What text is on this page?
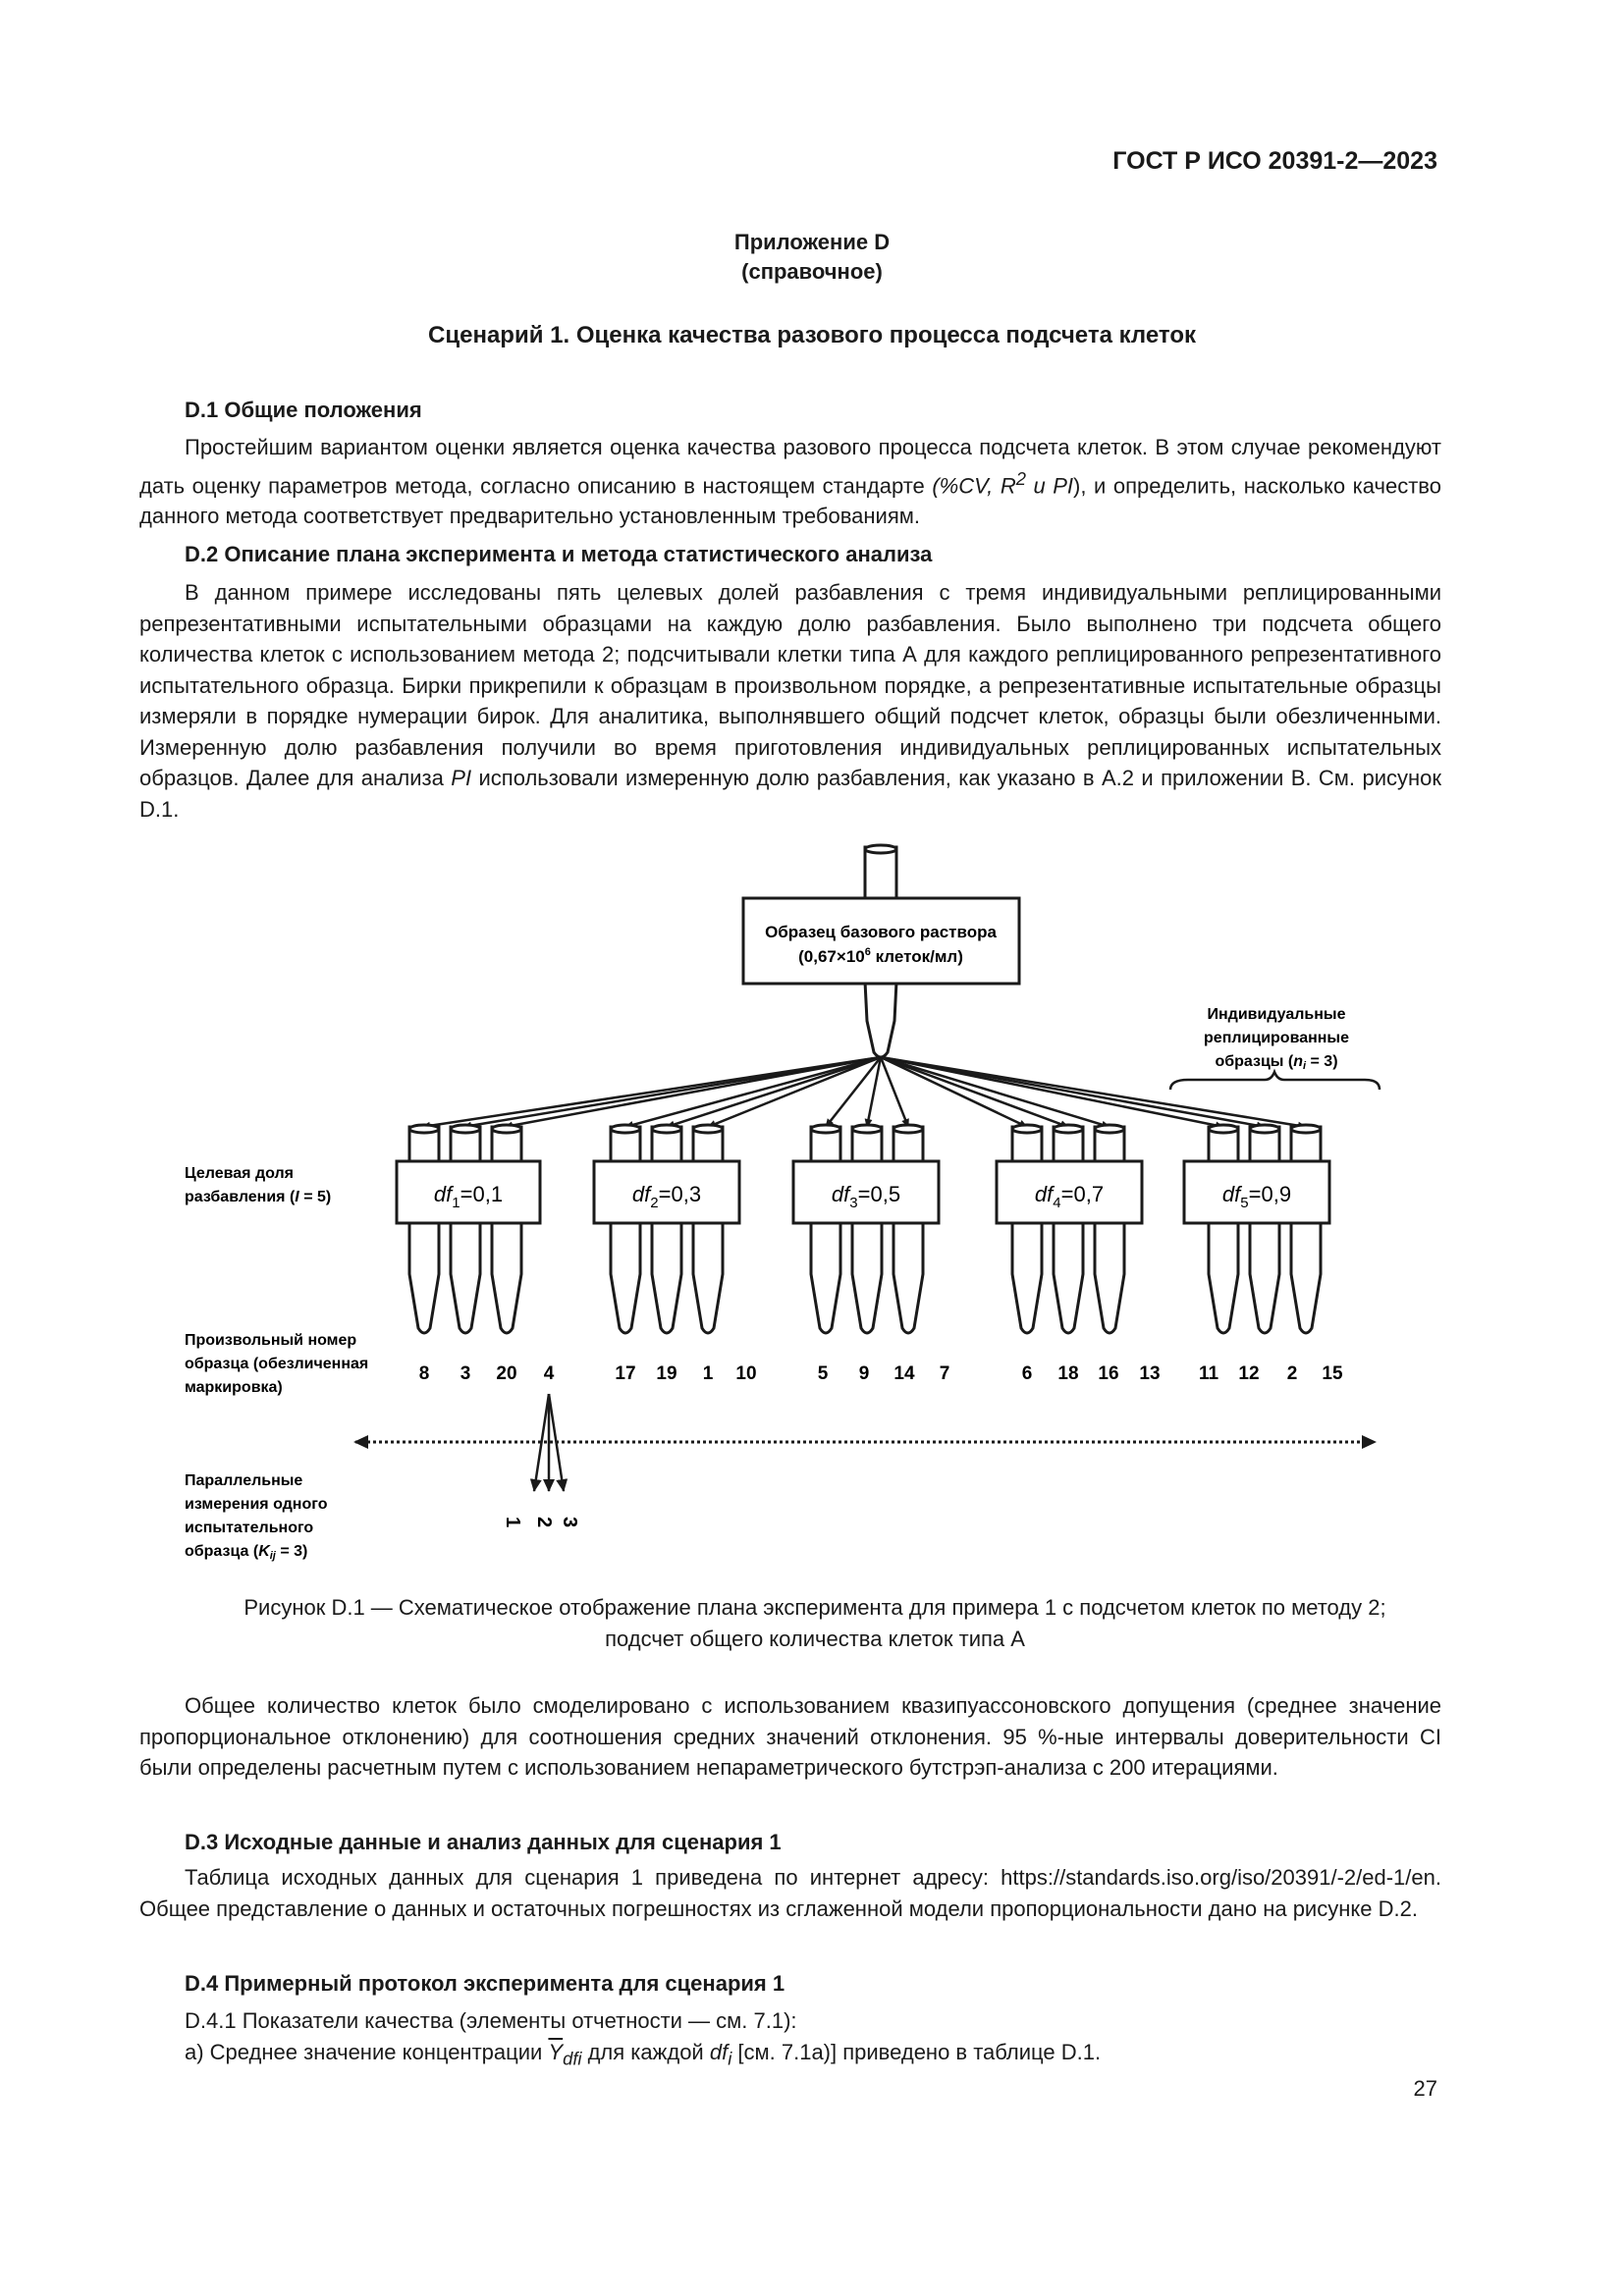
ГОСТ Р ИСО 20391-2—2023
Приложение D
(справочное)
Сценарий 1. Оценка качества разового процесса подсчета клеток
D.1 Общие положения
Простейшим вариантом оценки является оценка качества разового процесса подсчета клеток. В этом случае рекомендуют дать оценку параметров метода, согласно описанию в настоящем стандарте (%CV, $R^2$ и PI), и определить, насколько качество данного метода соответствует предварительно установленным требованиям.
D.2 Описание плана эксперимента и метода статистического анализа
В данном примере исследованы пять целевых долей разбавления с тремя индивидуальными реплицированными репрезентативными испытательными образцами на каждую долю разбавления. Было выполнено три подсчета общего количества клеток с использованием метода 2; подсчитывали клетки типа А для каждого реплицированного репрезентативного испытательного образца. Бирки прикрепили к образцам в произвольном порядке, а репрезентативные испытательные образцы измеряли в порядке нумерации бирок. Для аналитика, выполнявшего общий подсчет клеток, образцы были обезличенными. Измеренную долю разбавления получили во время приготовления индивидуальных реплицированных испытательных образцов. Далее для анализа PI использовали измеренную долю разбавления, как указано в А.2 и приложении В. См. рисунок D.1.
Образец базового раствора
($0,67\times 10^6$ клеток/мл)
Индивидуальные
реплицированные
образцы (ni = 3)
$df_1=0,1$	$df_2=0,3$	$df_3=0,5$	$df_4=0,7$	$df_5=0,9$
Целевая доля
разбавления (I = 5)
Произвольный номер
образца (обезличенная
маркировка)
8 3 20 4	17 19 1 10	5 9 14 7	6 18 16 13 11 12 2 15
1 2 3
Параллельные
измерения одного
испытательного
образца (Kij = 3)
Рисунок D.1 — Схематическое отображение плана эксперимента для примера 1 с подсчетом клеток по методу 2;
подсчет общего количества клеток типа А
Общее количество клеток было смоделировано с использованием квазипуассоновского допущения (среднее значение пропорциональное отклонению) для соотношения средних значений отклонения. 95 %-ные интервалы доверительности CI были определены расчетным путем с использованием непараметрического бутстрэп-анализа с 200 итерациями.
D.3 Исходные данные и анализ данных для сценария 1
Таблица исходных данных для сценария 1 приведена по интернет адресу: https://standards.iso.org/iso/20391/-2/ed-1/en. Общее представление о данных и остаточных погрешностях из сглаженной модели пропорциональности дано на рисунке D.2.
D.4 Примерный протокол эксперимента для сценария 1
D.4.1 Показатели качества (элементы отчетности — см. 7.1):
а) Среднее значение концентрации $\overline{Y}_{dfi}$ для каждой $df_i$ [см. 7.1а)] приведено в таблице D.1.
27
